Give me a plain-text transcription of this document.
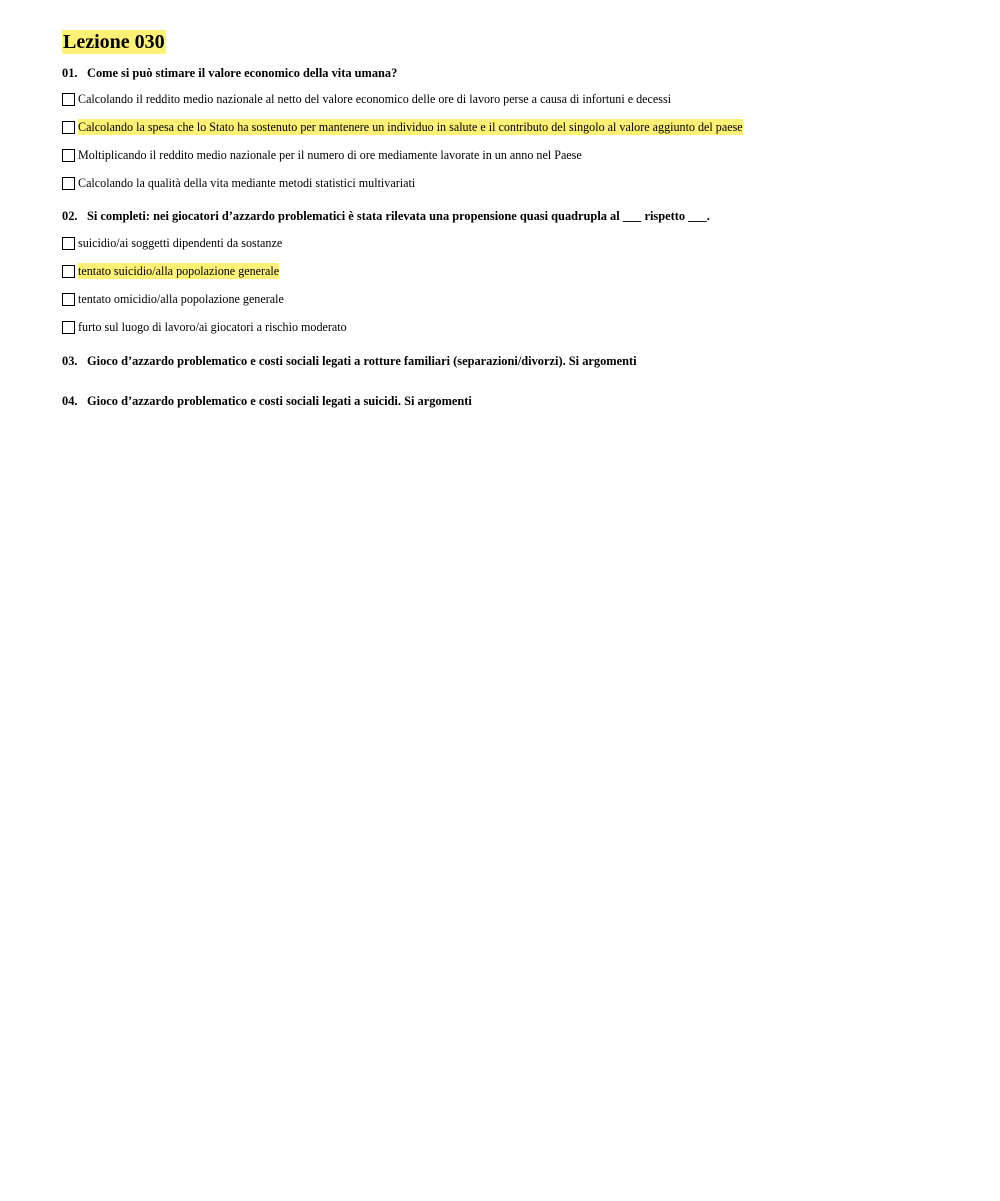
Lezione 030
01. Come si può stimare il valore economico della vita umana?
Calcolando il reddito medio nazionale al netto del valore economico delle ore di lavoro perse a causa di infortuni e decessi
Calcolando la spesa che lo Stato ha sostenuto per mantenere un individuo in salute e il contributo del singolo al valore aggiunto del paese
Moltiplicando il reddito medio nazionale per il numero di ore mediamente lavorate in un anno nel Paese
Calcolando la qualità della vita mediante metodi statistici multivariati
02. Si completi: nei giocatori d’azzardo problematici è stata rilevata una propensione quasi quadrupla al ___ rispetto ___.
suicidio/ai soggetti dipendenti da sostanze
tentato suicidio/alla popolazione generale
tentato omicidio/alla popolazione generale
furto sul luogo di lavoro/ai giocatori a rischio moderato
03. Gioco d’azzardo problematico e costi sociali legati a rotture familiari (separazioni/divorzi). Si argomenti
04. Gioco d’azzardo problematico e costi sociali legati a suicidi. Si argomenti
